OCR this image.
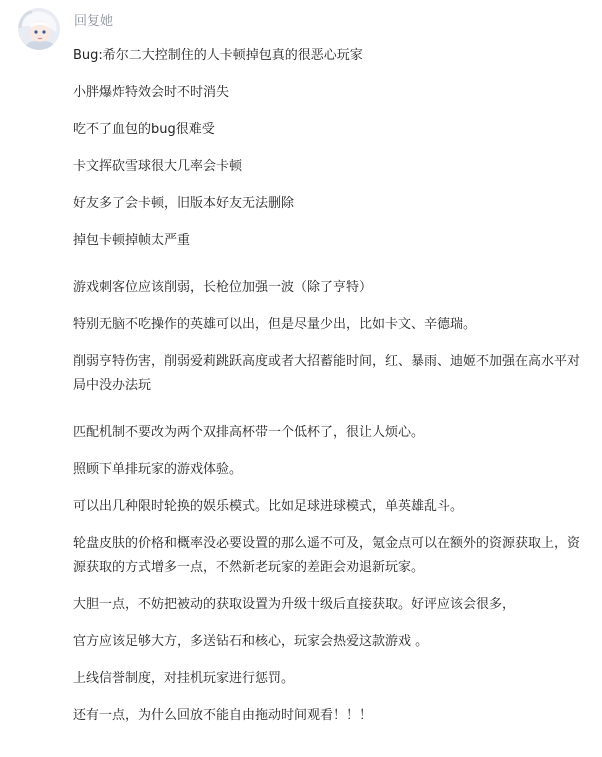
回复她

Bug:希尔二大控制住的人卡顿掉包真的很恶心玩家

小胖爆炸特效会时不时消失

吃不了血包的bug很难受

卡文挥砍雪球很大几率会卡顿

好友多了会卡顿，旧版本好友无法删除

掉包卡顿掉帧太严重

游戏刺客位应该削弱，长枪位加强一波（除了亨特）

特别无脑不吃操作的英雄可以出，但是尽量少出，比如卡文、辛德瑞。

削弱亨特伤害，削弱爱莉跳跃高度或者大招蓄能时间，红、暴雨、迪姬不加强在高水平对局中没办法玩

匹配机制不要改为两个双排高杯带一个低杯了，很让人烦心。

照顾下单排玩家的游戏体验。

可以出几种限时轮换的娱乐模式。比如足球进球模式，单英雄乱斗。

轮盘皮肤的价格和概率没必要设置的那么遥不可及，氪金点可以在额外的资源获取上，资源获取的方式增多一点，不然新老玩家的差距会劝退新玩家。

大胆一点，不妨把被动的获取设置为升级十级后直接获取。好评应该会很多，

官方应该足够大方，多送钻石和核心，玩家会热爱这款游戏 。

上线信誉制度，对挂机玩家进行惩罚。

还有一点，为什么回放不能自由拖动时间观看！！！
